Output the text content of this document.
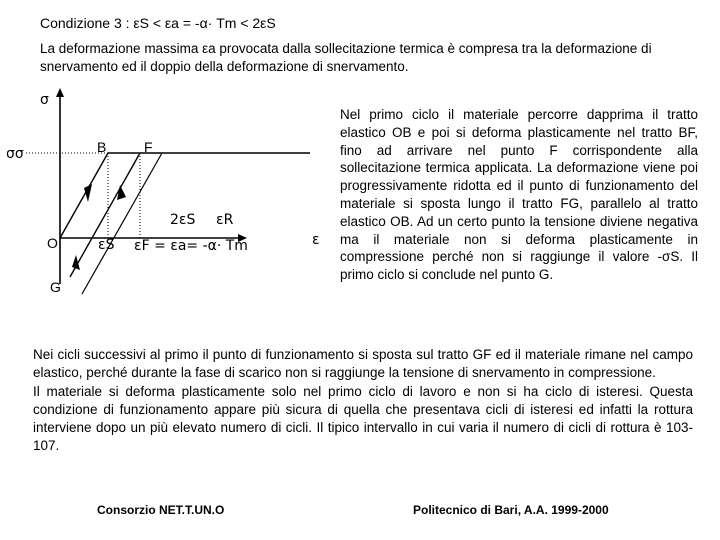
Condizione 3 : εS < εa = -α· Tm < 2εS
La deformazione massima εa provocata dalla sollecitazione termica è compresa tra la deformazione di snervamento ed il doppio della deformazione di snervamento.
σ
σσ	B	F
O
G
εS
2εS εR
εF = εa= -α· Tm	ε
Nel primo ciclo il materiale percorre dapprima il tratto elastico OB e poi si deforma plasticamente nel tratto BF, fino ad arrivare nel punto F corrispondente alla sollecitazione termica applicata. La deformazione viene poi progressivamente ridotta ed il punto di funzionamento del materiale si sposta lungo il tratto FG, parallelo al tratto elastico OB. Ad un certo punto la tensione diviene negativa ma il materiale non si deforma plasticamente in compressione perché non si raggiunge il valore -σS. Il primo ciclo si conclude nel punto G.

Nei cicli successivi al primo il punto di funzionamento si sposta sul tratto GF ed il materiale rimane nel campo elastico, perché durante la fase di scarico non si raggiunge la tensione di snervamento in compressione.

Il materiale si deforma plasticamente solo nel primo ciclo di lavoro e non si ha ciclo di isteresi. Questa condizione di funzionamento appare più sicura di quella che presentava cicli di isteresi ed infatti la rottura interviene dopo un più elevato numero di cicli. Il tipico intervallo in cui varia il numero di cicli di rottura è 103-107.

Consorzio NET.T.UN.O	Politecnico di Bari, A.A. 1999-2000
